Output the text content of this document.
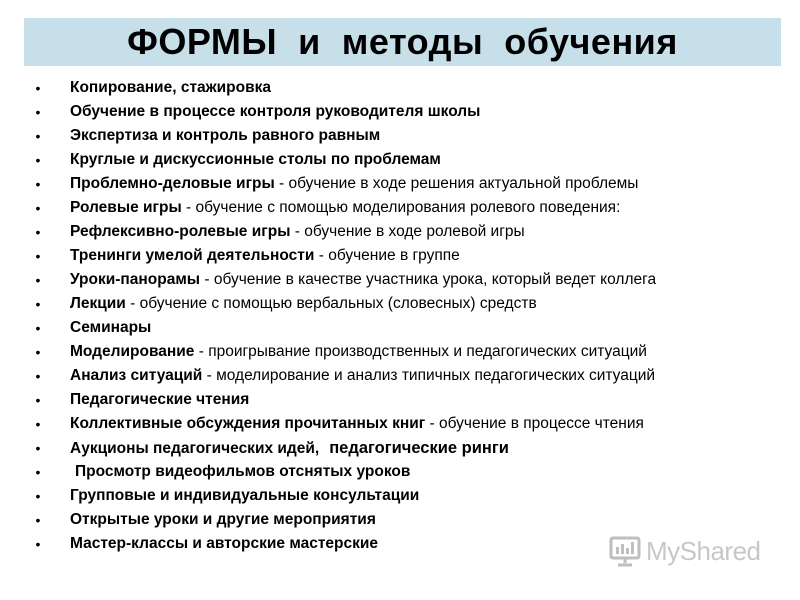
ФОРМЫ  и  методы  обучения
• Копирование, стажировка
• Обучение в процессе контроля руководителя школы
• Экспертиза и контроль равного равным
• Круглые и дискуссионные столы по проблемам
• Проблемно-деловые игры - обучение в ходе решения актуальной проблемы
• Ролевые игры - обучение с помощью моделирования ролевого поведения:
• Рефлексивно-ролевые игры - обучение в ходе ролевой игры
• Тренинги умелой деятельности - обучение в группе
• Уроки-панорамы - обучение в качестве участника урока, который ведет коллега
• Лекции - обучение с помощью вербальных (словесных) средств
• Семинары
• Моделирование - проигрывание производственных и педагогических ситуаций
• Анализ ситуаций - моделирование и анализ типичных педагогических ситуаций
• Педагогические чтения
• Коллективные обсуждения прочитанных книг - обучение в процессе чтения
• Аукционы педагогических идей, педагогические ринги
• Просмотр видеофильмов отснятых уроков
• Групповые и индивидуальные консультации
• Открытые уроки и другие мероприятия
• Мастер-классы и авторские мастерские	MyShared
